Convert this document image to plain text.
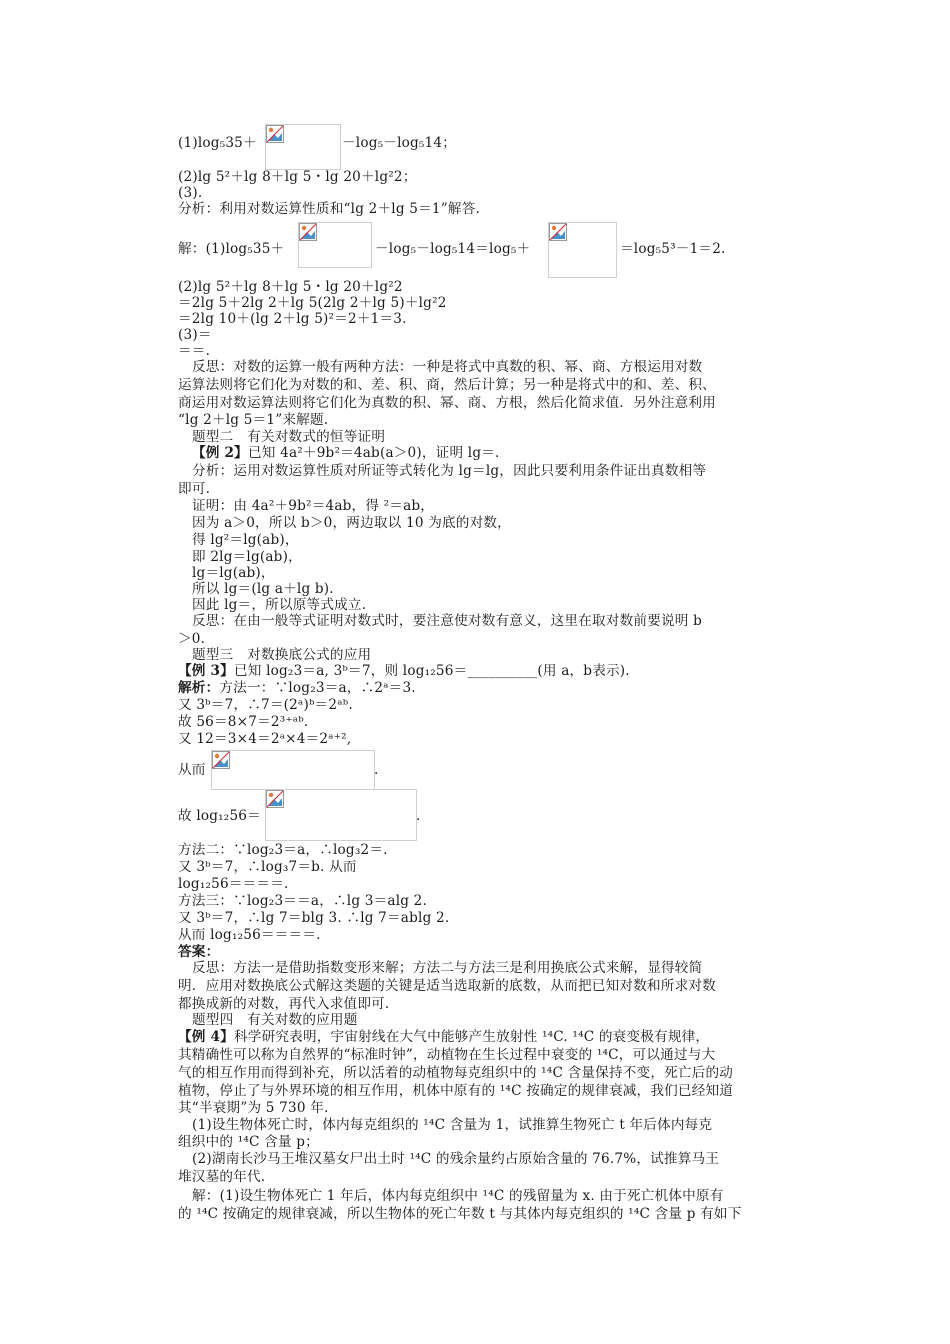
(1)log₅35＋	－log₅－log₅14；
(2)lg 5²＋lg 8＋lg 5・lg 20＋lg²2；
(3).
分析：利用对数运算性质和“lg 2＋lg 5＝1”解答.
解：(1)log₅35＋	－log₅－log₅14＝log₅＋	＝log₅5³－1＝2.
(2)lg 5²＋lg 8＋lg 5・lg 20＋lg²2
＝2lg 5＋2lg 2＋lg 5(2lg 2＋lg 5)＋lg²2
＝2lg 10＋(lg 2＋lg 5)²＝2＋1＝3.
(3)＝
＝＝.
反思：对数的运算一般有两种方法：一种是将式中真数的积、幂、商、方根运用对数
运算法则将它们化为对数的和、差、积、商，然后计算；另一种是将式中的和、差、积、
商运用对数运算法则将它们化为真数的积、幂、商、方根，然后化简求值．另外注意利用
“lg 2＋lg 5＝1”来解题.
题型二　有关对数式的恒等证明
【例 2】已知 4a²＋9b²＝4ab(a＞0)，证明 lg＝.
分析：运用对数运算性质对所证等式转化为 lg＝lg，因此只要利用条件证出真数相等
即可.
证明：由 4a²＋9b²＝4ab，得 ²＝ab，
因为 a＞0，所以 b＞0，两边取以 10 为底的对数，
得 lg²＝lg(ab)，
即 2lg＝lg(ab)，
lg＝lg(ab)，
所以 lg＝(lg a＋lg b).
因此 lg＝，所以原等式成立.
反思：在由一般等式证明对数式时，要注意使对数有意义，这里在取对数前要说明 b
＞0.
题型三　对数换底公式的应用
【例 3】已知 log₂3＝a, 3ᵇ＝7，则 log₁₂56＝__________(用 a，b表示).
解析：方法一：∵log₂3＝a，∴2ᵃ＝3.
又 3ᵇ＝7，∴7＝(2ᵃ)ᵇ＝2ᵃᵇ.
故 56＝8×7＝2³⁺ᵃᵇ.
又 12＝3×4＝2ᵃ×4＝2ᵃ⁺²,
从而	.
故 log₁₂56＝	.
方法二：∵log₂3＝a，∴log₃2＝.
又 3ᵇ＝7，∴log₃7＝b. 从而
log₁₂56＝＝＝＝.
方法三：∵log₂3＝＝a，∴lg 3＝alg 2.
又 3ᵇ＝7，∴lg 7＝blg 3. ∴lg 7＝ablg 2.
从而 log₁₂56＝＝＝＝.
答案：
反思：方法一是借助指数变形来解；方法二与方法三是利用换底公式来解，显得较简
明．应用对数换底公式解这类题的关键是适当选取新的底数，从而把已知对数和所求对数
都换成新的对数，再代入求值即可.
题型四　有关对数的应用题
【例 4】科学研究表明，宇宙射线在大气中能够产生放射性 ¹⁴C. ¹⁴C 的衰变极有规律，
其精确性可以称为自然界的“标准时钟”，动植物在生长过程中衰变的 ¹⁴C，可以通过与大
气的相互作用而得到补充，所以活着的动植物每克组织中的 ¹⁴C 含量保持不变，死亡后的动
植物，停止了与外界环境的相互作用，机体中原有的 ¹⁴C 按确定的规律衰减，我们已经知道
其“半衰期”为 5 730 年.
(1)设生物体死亡时，体内每克组织的 ¹⁴C 含量为 1，试推算生物死亡 t 年后体内每克
组织中的 ¹⁴C 含量 p；
(2)湖南长沙马王堆汉墓女尸出土时 ¹⁴C 的残余量约占原始含量的 76.7%，试推算马王
堆汉墓的年代.
解：(1)设生物体死亡 1 年后，体内每克组织中 ¹⁴C 的残留量为 x. 由于死亡机体中原有
的 ¹⁴C 按确定的规律衰减，所以生物体的死亡年数 t 与其体内每克组织的 ¹⁴C 含量 p 有如下
